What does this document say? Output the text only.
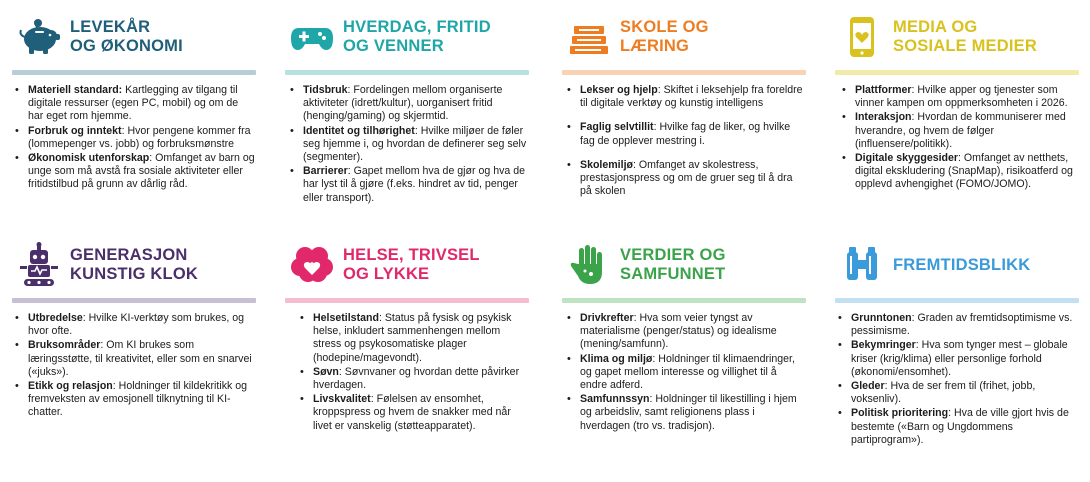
LEVEKÅR
OG ØKONOMI
• Materiell standard: Kartlegging av tilgang til digitale ressurser (egen PC, mobil) og om de har eget rom hjemme.
• Forbruk og inntekt: Hvor pengene kommer fra (lommepenger vs. jobb) og forbruksmønstre
• Økonomisk utenforskap: Omfanget av barn og unge som må avstå fra sosiale aktiviteter eller fritidstilbud på grunn av dårlig råd.
HVERDAG, FRITID
OG VENNER
• Tidsbruk: Fordelingen mellom organiserte aktiviteter (idrett/kultur), uorganisert fritid (henging/gaming) og skjermtid.
• Identitet og tilhørighet: Hvilke miljøer de føler seg hjemme i, og hvordan de definerer seg selv (segmenter).
• Barrierer: Gapet mellom hva de gjør og hva de har lyst til å gjøre (f.eks. hindret av tid, penger eller transport).
SKOLE OG
LÆRING
• Lekser og hjelp: Skiftet i leksehjelp fra foreldre til digitale verktøy og kunstig intelligens
• Faglig selvtillit: Hvilke fag de liker, og hvilke fag de opplever mestring i.
• Skolemiljø: Omfanget av skolestress, prestasjonspress og om de gruer seg til å dra på skolen
MEDIA OG
SOSIALE MEDIER
• Plattformer: Hvilke apper og tjenester som vinner kampen om oppmerksomheten i 2026.
• Interaksjon: Hvordan de kommuniserer med hverandre, og hvem de følger (influensere/politikk).
• Digitale skyggesider: Omfanget av netthets, digital ekskludering (SnapMap), risikoatferd og opplevd avhengighet (FOMO/JOMO).
GENERASJON
KUNSTIG KLOK
• Utbredelse: Hvilke KI-verktøy som brukes, og hvor ofte.
• Bruksområder: Om KI brukes som læringsstøtte, til kreativitet, eller som en snarvei («juks»).
• Etikk og relasjon: Holdninger til kildekritikk og fremveksten av emosjonell tilknytning til KI-chatter.
HELSE, TRIVSEL
OG LYKKE
• Helsetilstand: Status på fysisk og psykisk helse, inkludert sammenhengen mellom stress og psykosomatiske plager (hodepine/magevondt).
• Søvn: Søvnvaner og hvordan dette påvirker hverdagen.
• Livskvalitet: Følelsen av ensomhet, kroppspress og hvem de snakker med når livet er vanskelig (støtteapparatet).
VERDIER OG
SAMFUNNET
• Drivkrefter: Hva som veier tyngst av materialisme (penger/status) og idealisme (mening/samfunn).
• Klima og miljø: Holdninger til klimaendringer, og gapet mellom interesse og villighet til å endre adferd.
• Samfunnssyn: Holdninger til likestilling i hjem og arbeidsliv, samt religionens plass i hverdagen (tro vs. tradisjon).
FREMTIDSBLIKK
• Grunntonen: Graden av fremtidsoptimisme vs. pessimisme.
• Bekymringer: Hva som tynger mest – globale kriser (krig/klima) eller personlige forhold (økonomi/ensomhet).
• Gleder: Hva de ser frem til (frihet, jobb, voksenliv).
• Politisk prioritering: Hva de ville gjort hvis de bestemte («Barn og Ungdommens partiprogram»).
